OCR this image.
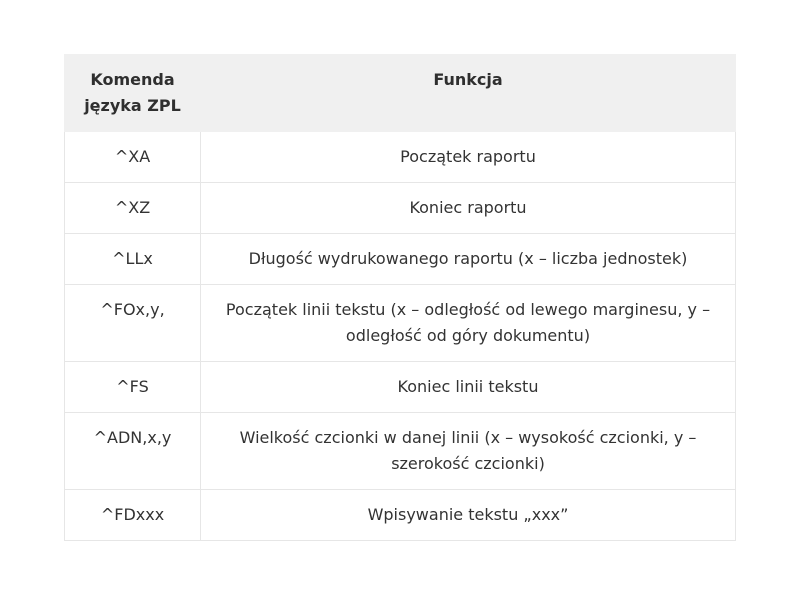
Komenda języka ZPL	Funkcja
^XA	Początek raportu
^XZ	Koniec raportu
^LLx	Długość wydrukowanego raportu (x – liczba jednostek)
^FOx,y,	Początek linii tekstu (x – odległość od lewego marginesu, y – odległość od góry dokumentu)
^FS	Koniec linii tekstu
^ADN,x,y	Wielkość czcionki w danej linii (x – wysokość czcionki, y – szerokość czcionki)
^FDxxx	Wpisywanie tekstu „xxx”
